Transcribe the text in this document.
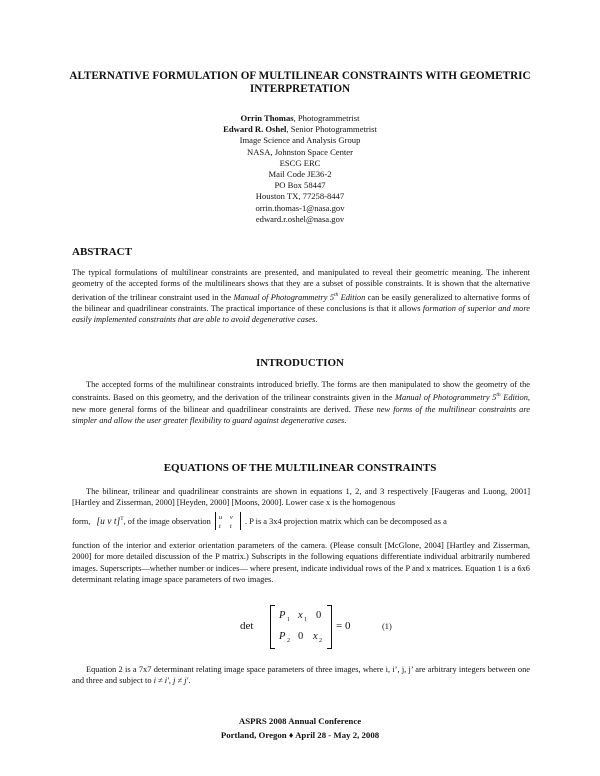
ALTERNATIVE FORMULATION OF MULTILINEAR CONSTRAINTS WITH GEOMETRIC INTERPRETATION
Orrin Thomas, Photogrammetrist
Edward R. Oshel, Senior Photogrammetrist
Image Science and Analysis Group
NASA, Johnston Space Center
ESCG ERC
Mail Code JE36-2
PO Box 58447
Houston TX, 77258-8447
orrin.thomas-1@nasa.gov
edward.r.oshel@nasa.gov
ABSTRACT
The typical formulations of multilinear constraints are presented, and manipulated to reveal their geometric meaning. The inherent geometry of the accepted forms of the multilinears shows that they are a subset of possible constraints. It is shown that the alternative derivation of the trilinear constraint used in the Manual of Photogrammetry 5th Edition can be easily generalized to alternative forms of the bilinear and quadrilinear constraints. The practical importance of these conclusions is that it allows formation of superior and more easily implemented constraints that are able to avoid degenerative cases.
INTRODUCTION
The accepted forms of the multilinear constraints introduced briefly. The forms are then manipulated to show the geometry of the constraints. Based on this geometry, and the derivation of the trilinear constraints given in the Manual of Photogrammetry 5th Edition, new more general forms of the bilinear and quadrilinear constraints are derived. These new forms of the multilinear constraints are simpler and allow the user greater flexibility to guard against degenerative cases.
EQUATIONS OF THE MULTILINEAR CONSTRAINTS
The bilinear, trilinear and quadrilinear constraints are shown in equations 1, 2, and 3 respectively [Faugeras and Luong, 2001] [Hartley and Zisserman, 2000] [Heyden, 2000] [Moons, 2000]. Lower case x is the homogenous
form, [u v t]$^T$, of the image observation u v
t t
. P is a 3x4 projection matrix which can be decomposed as a
function of the interior and exterior orientation parameters of the camera. (Please consult [McGlone, 2004] [Hartley and Zisserman, 2000] for more detailed discussion of the P matrix.) Subscripts in the following equations differentiate individual arbitrarily numbered images. Superscripts—whether number or indices— where present, indicate individual rows of the P and x matrices. Equation 1 is a 6x6 determinant relating image space parameters of two images.
det
P 1 x 1 0
P 2 0 x 2
= 0	(1)
Equation 2 is a 7x7 determinant relating image space parameters of three images, where i, i’, j, j’ are arbitrary integers between one and three and subject to i ≠ i′, j ≠ j′.
ASPRS 2008 Annual Conference
Portland, Oregon ♦ April 28 - May 2, 2008
